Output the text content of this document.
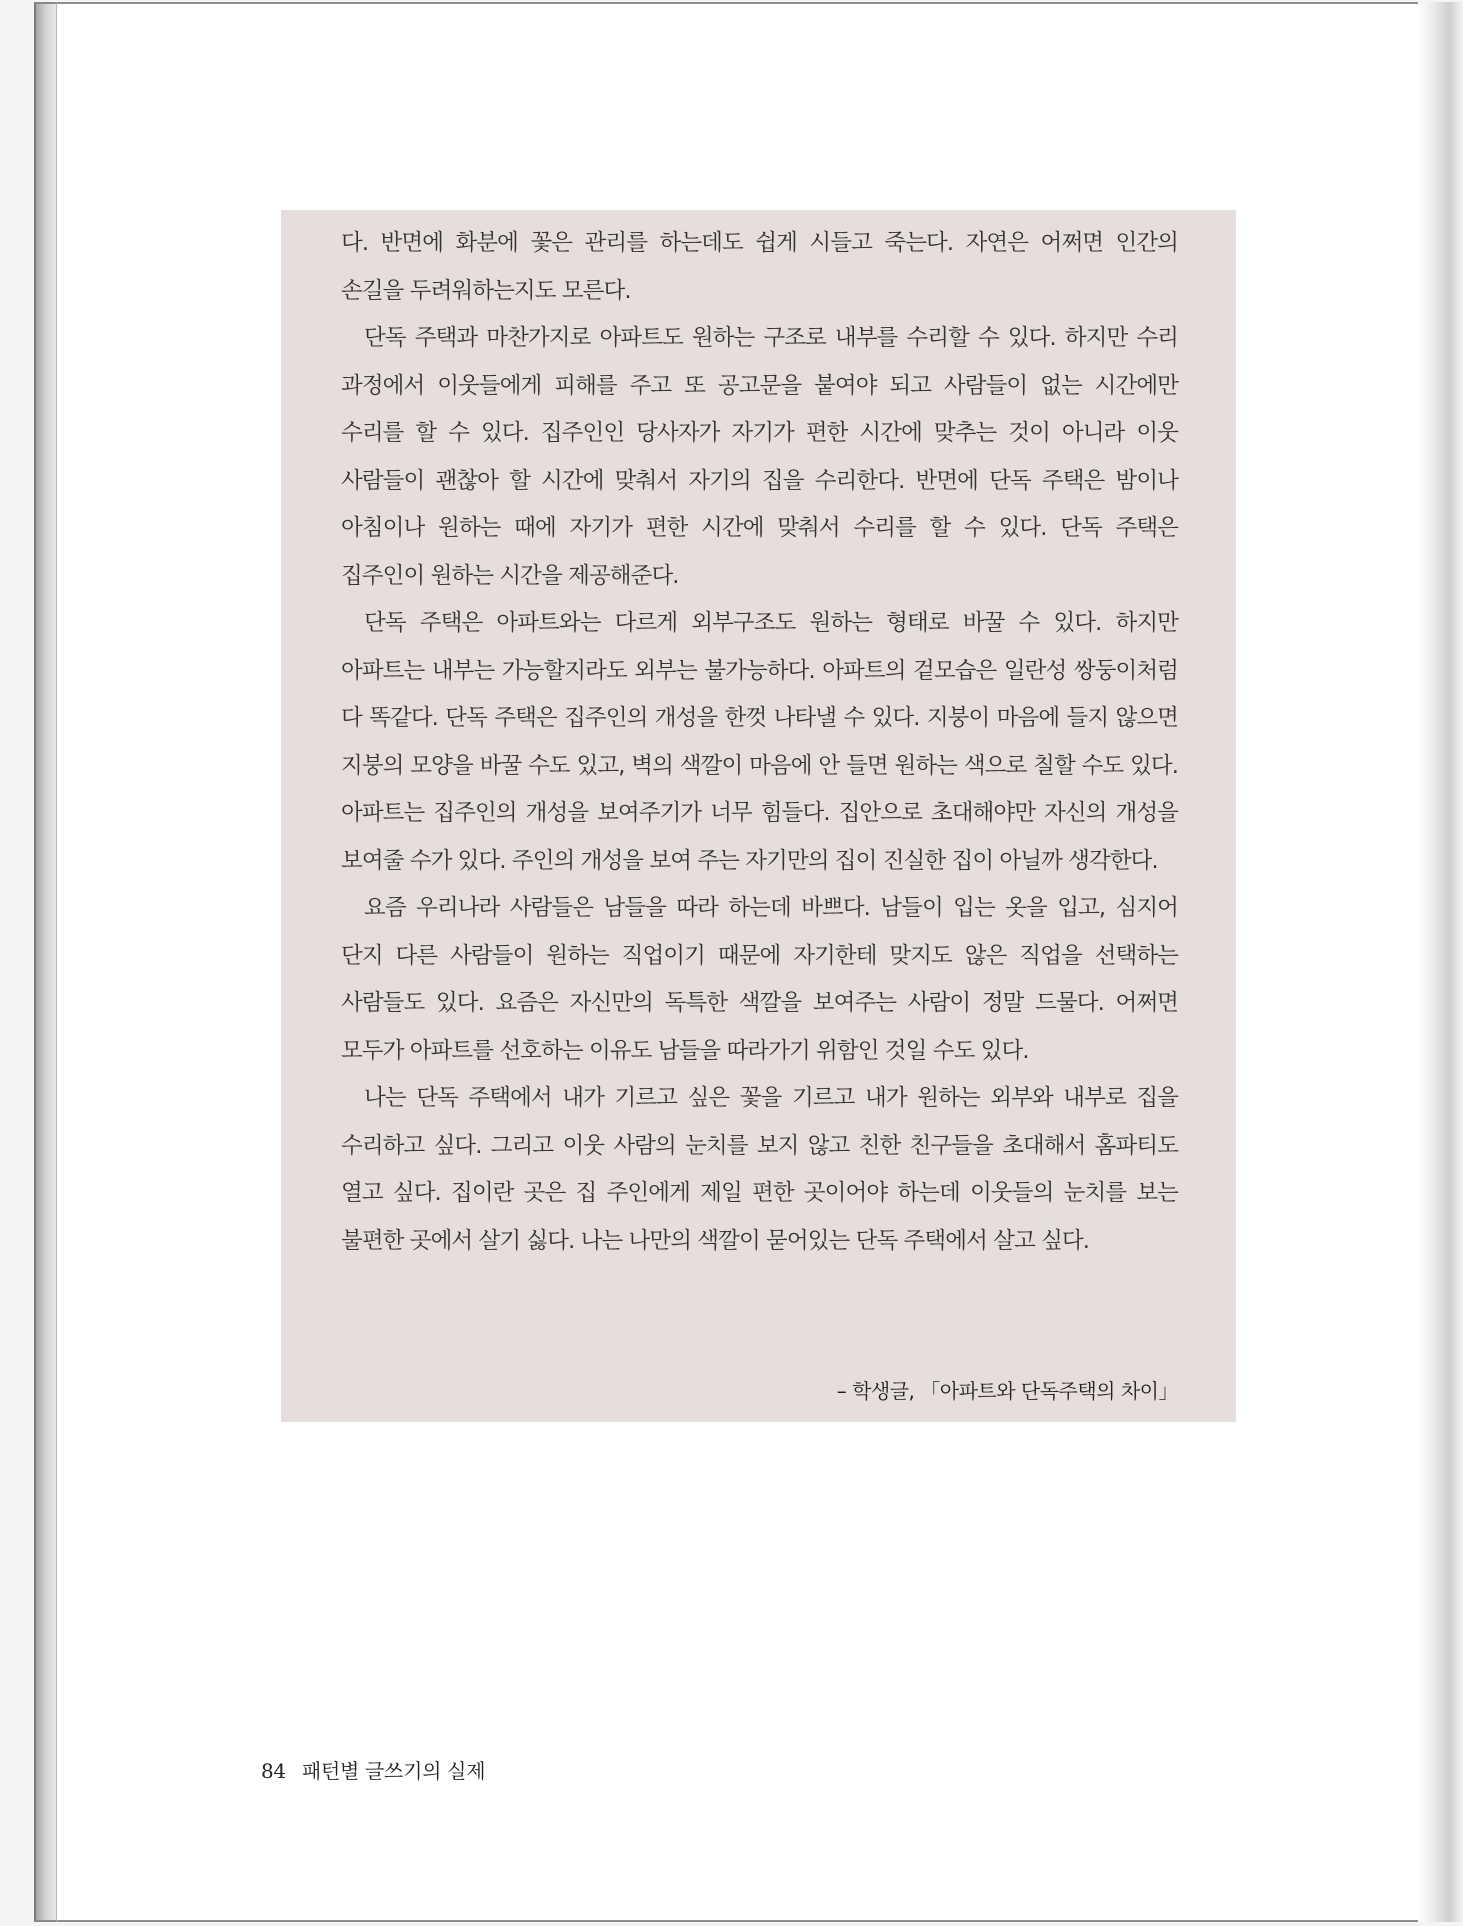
다. 반면에 화분에 꽃은 관리를 하는데도 쉽게 시들고 죽는다. 자연은 어쩌면 인간의 손길을 두려워하는지도 모른다.

단독 주택과 마찬가지로 아파트도 원하는 구조로 내부를 수리할 수 있다. 하지만 수리 과정에서 이웃들에게 피해를 주고 또 공고문을 붙여야 되고 사람들이 없는 시간에만 수리를 할 수 있다. 집주인인 당사자가 자기가 편한 시간에 맞추는 것이 아니라 이웃 사람들이 괜찮아 할 시간에 맞춰서 자기의 집을 수리한다. 반면에 단독 주택은 밤이나 아침이나 원하는 때에 자기가 편한 시간에 맞춰서 수리를 할 수 있다. 단독 주택은 집주인이 원하는 시간을 제공해준다.

단독 주택은 아파트와는 다르게 외부구조도 원하는 형태로 바꿀 수 있다. 하지만 아파트는 내부는 가능할지라도 외부는 불가능하다. 아파트의 겉모습은 일란성 쌍둥이처럼 다 똑같다. 단독 주택은 집주인의 개성을 한껏 나타낼 수 있다. 지붕이 마음에 들지 않으면 지붕의 모양을 바꿀 수도 있고, 벽의 색깔이 마음에 안 들면 원하는 색으로 칠할 수도 있다. 아파트는 집주인의 개성을 보여주기가 너무 힘들다. 집안으로 초대해야만 자신의 개성을 보여줄 수가 있다. 주인의 개성을 보여 주는 자기만의 집이 진실한 집이 아닐까 생각한다.

요즘 우리나라 사람들은 남들을 따라 하는데 바쁘다. 남들이 입는 옷을 입고, 심지어 단지 다른 사람들이 원하는 직업이기 때문에 자기한테 맞지도 않은 직업을 선택하는 사람들도 있다. 요즘은 자신만의 독특한 색깔을 보여주는 사람이 정말 드물다. 어쩌면 모두가 아파트를 선호하는 이유도 남들을 따라가기 위함인 것일 수도 있다.

나는 단독 주택에서 내가 기르고 싶은 꽃을 기르고 내가 원하는 외부와 내부로 집을 수리하고 싶다. 그리고 이웃 사람의 눈치를 보지 않고 친한 친구들을 초대해서 홈파티도 열고 싶다. 집이란 곳은 집 주인에게 제일 편한 곳이어야 하는데 이웃들의 눈치를 보는 불편한 곳에서 살기 싫다. 나는 나만의 색깔이 묻어있는 단독 주택에서 살고 싶다.

– 학생글, 「아파트와 단독주택의 차이」
84 패턴별 글쓰기의 실제
